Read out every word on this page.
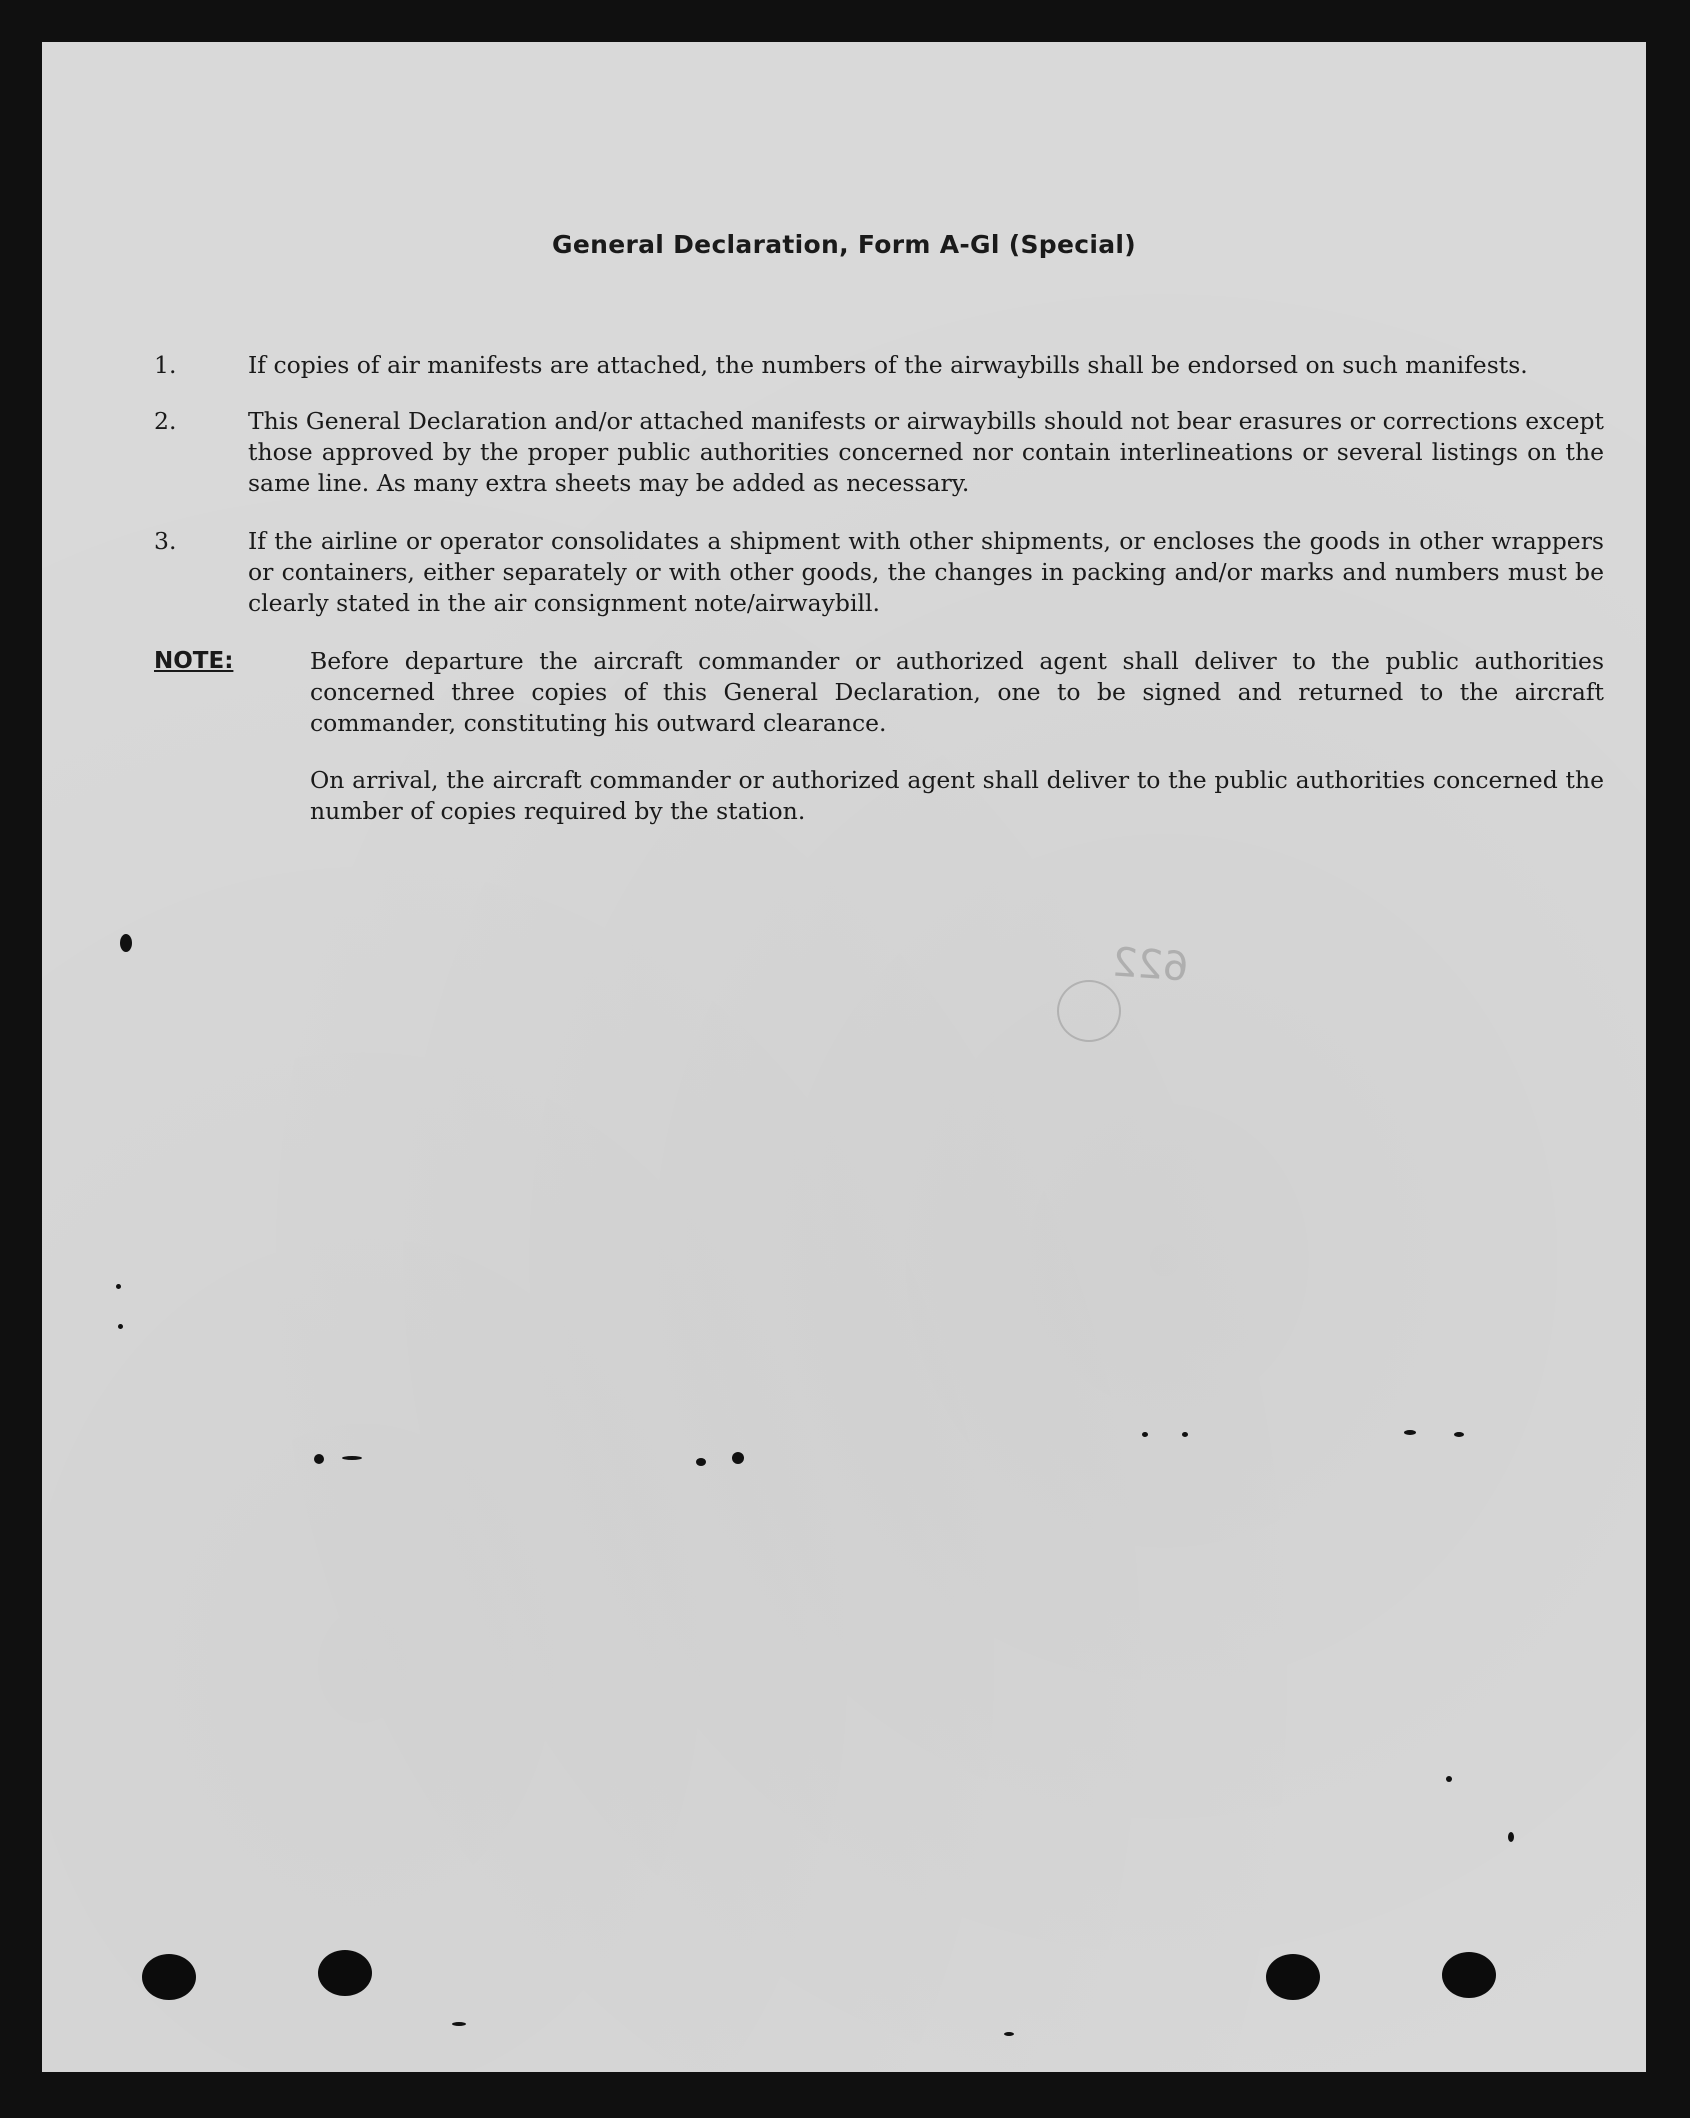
General Declaration, Form A-Gl (Special)
1.	If copies of air manifests are attached, the numbers of the airwaybills shall be endorsed on such manifests.
2.	This General Declaration and/or attached manifests or airwaybills should not bear erasures or corrections except those approved by the proper public authorities concerned nor contain interlineations or several listings on the same line. As many extra sheets may be added as necessary.
3.	If the airline or operator consolidates a shipment with other shipments, or encloses the goods in other wrappers or containers, either separately or with other goods, the changes in packing and/or marks and numbers must be clearly stated in the air consignment note/airwaybill.
NOTE:	Before departure the aircraft commander or authorized agent shall deliver to the public authorities concerned three copies of this General Declaration, one to be signed and returned to the aircraft commander, constituting his outward clearance.
On arrival, the aircraft commander or authorized agent shall deliver to the public authorities concerned the number of copies required by the station.
622
